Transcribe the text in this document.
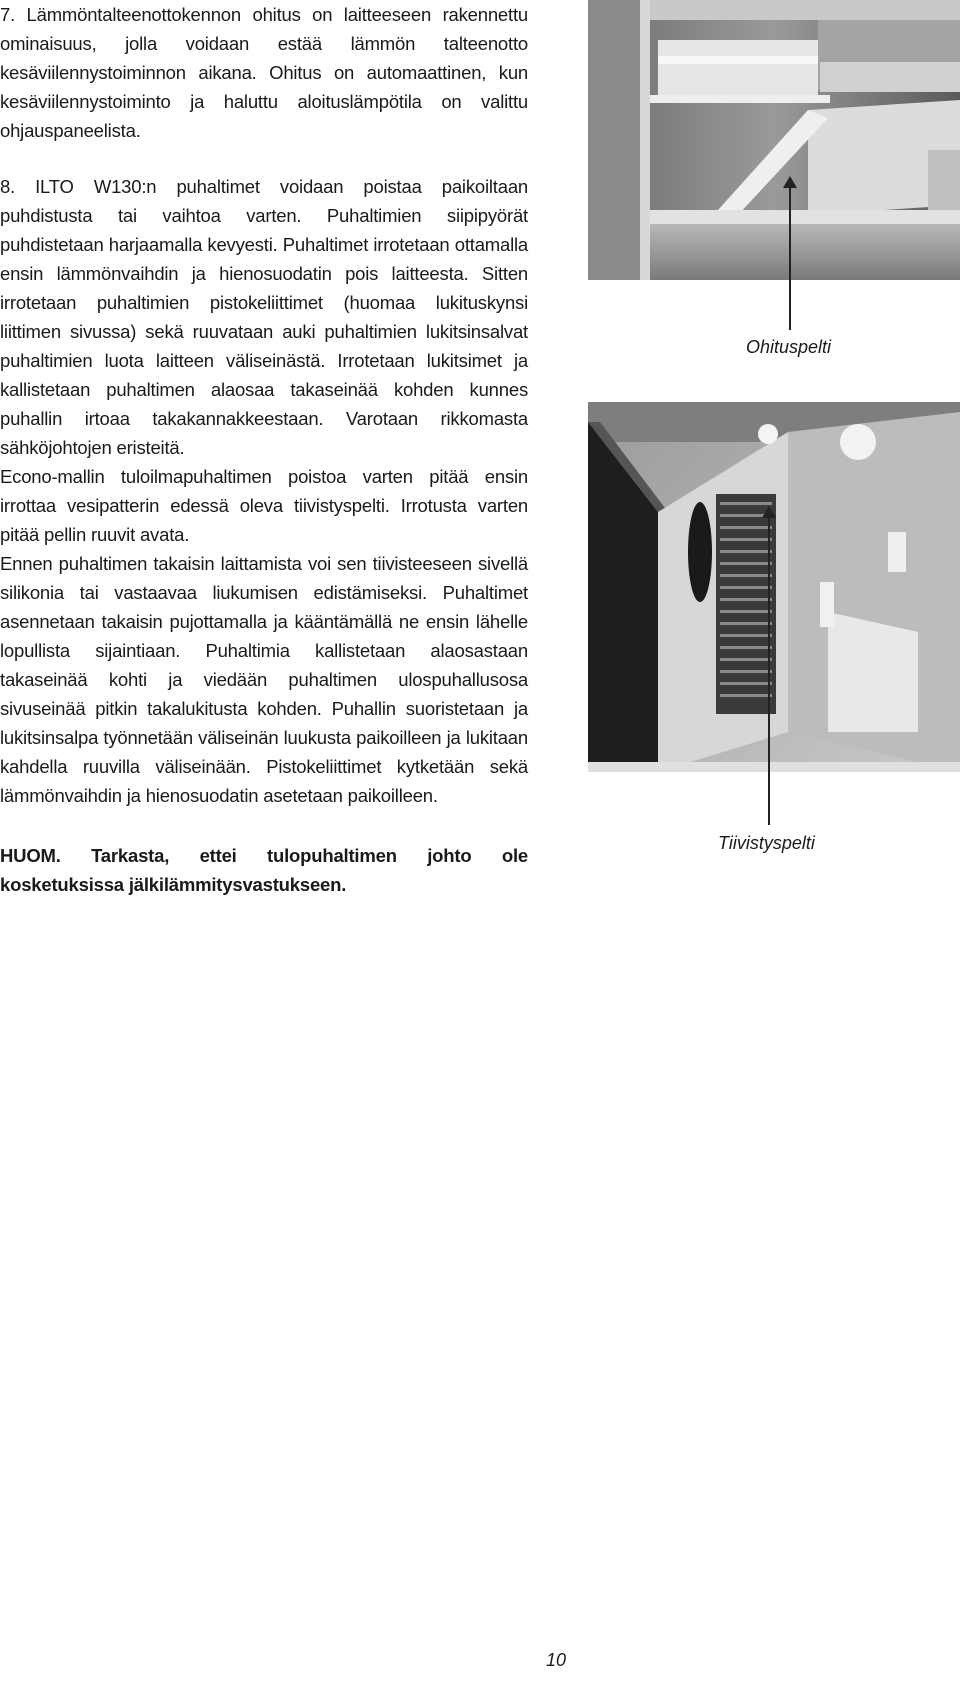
7. Lämmöntalteenottokennon ohitus on laitteeseen rakennettu ominaisuus, jolla voidaan estää lämmön talteenotto kesäviilennystoiminnon aikana. Ohitus on automaattinen, kun kesäviilennystoiminto ja haluttu aloituslämpötila on valittu ohjauspaneelista.

8. ILTO W130:n puhaltimet voidaan poistaa paikoiltaan puhdistusta tai vaihtoa varten. Puhaltimien siipipyörät puhdistetaan harjaamalla kevyesti. Puhaltimet irrotetaan ottamalla ensin lämmönvaihdin ja hienosuodatin pois laitteesta. Sitten irrotetaan puhaltimien pistokeliittimet (huomaa lukituskynsi liittimen sivussa) sekä ruuvataan auki puhaltimien lukitsinsalvat puhaltimien luota laitteen väliseinästä. Irrotetaan lukitsimet ja kallistetaan puhaltimen alaosaa takaseinää kohden kunnes puhallin irtoaa takakannakkeestaan. Varotaan rikkomasta sähköjohtojen eristeitä.

Econo-mallin tuloilmapuhaltimen poistoa varten pitää ensin irrottaa vesipatterin edessä oleva tiivistyspelti. Irrotusta varten pitää pellin ruuvit avata.

Ennen puhaltimen takaisin laittamista voi sen tiivisteeseen sivellä silikonia tai vastaavaa liukumisen edistämiseksi. Puhaltimet asennetaan takaisin pujottamalla ja kääntämällä ne ensin lähelle lopullista sijaintiaan. Puhaltimia kallistetaan alaosastaan takaseinää kohti ja viedään puhaltimen ulospuhallusosa sivuseinää pitkin takalukitusta kohden. Puhallin suoristetaan ja lukitsinsalpa työnnetään väliseinän luukusta paikoilleen ja lukitaan kahdella ruuvilla väliseinään. Pistokeliittimet kytketään sekä lämmönvaihdin ja hienosuodatin asetetaan paikoilleen.

HUOM. Tarkasta, ettei tulopuhaltimen johto ole kosketuksissa jälkilämmitysvastukseen.

Ohituspelti
Tiivistyspelti
10
